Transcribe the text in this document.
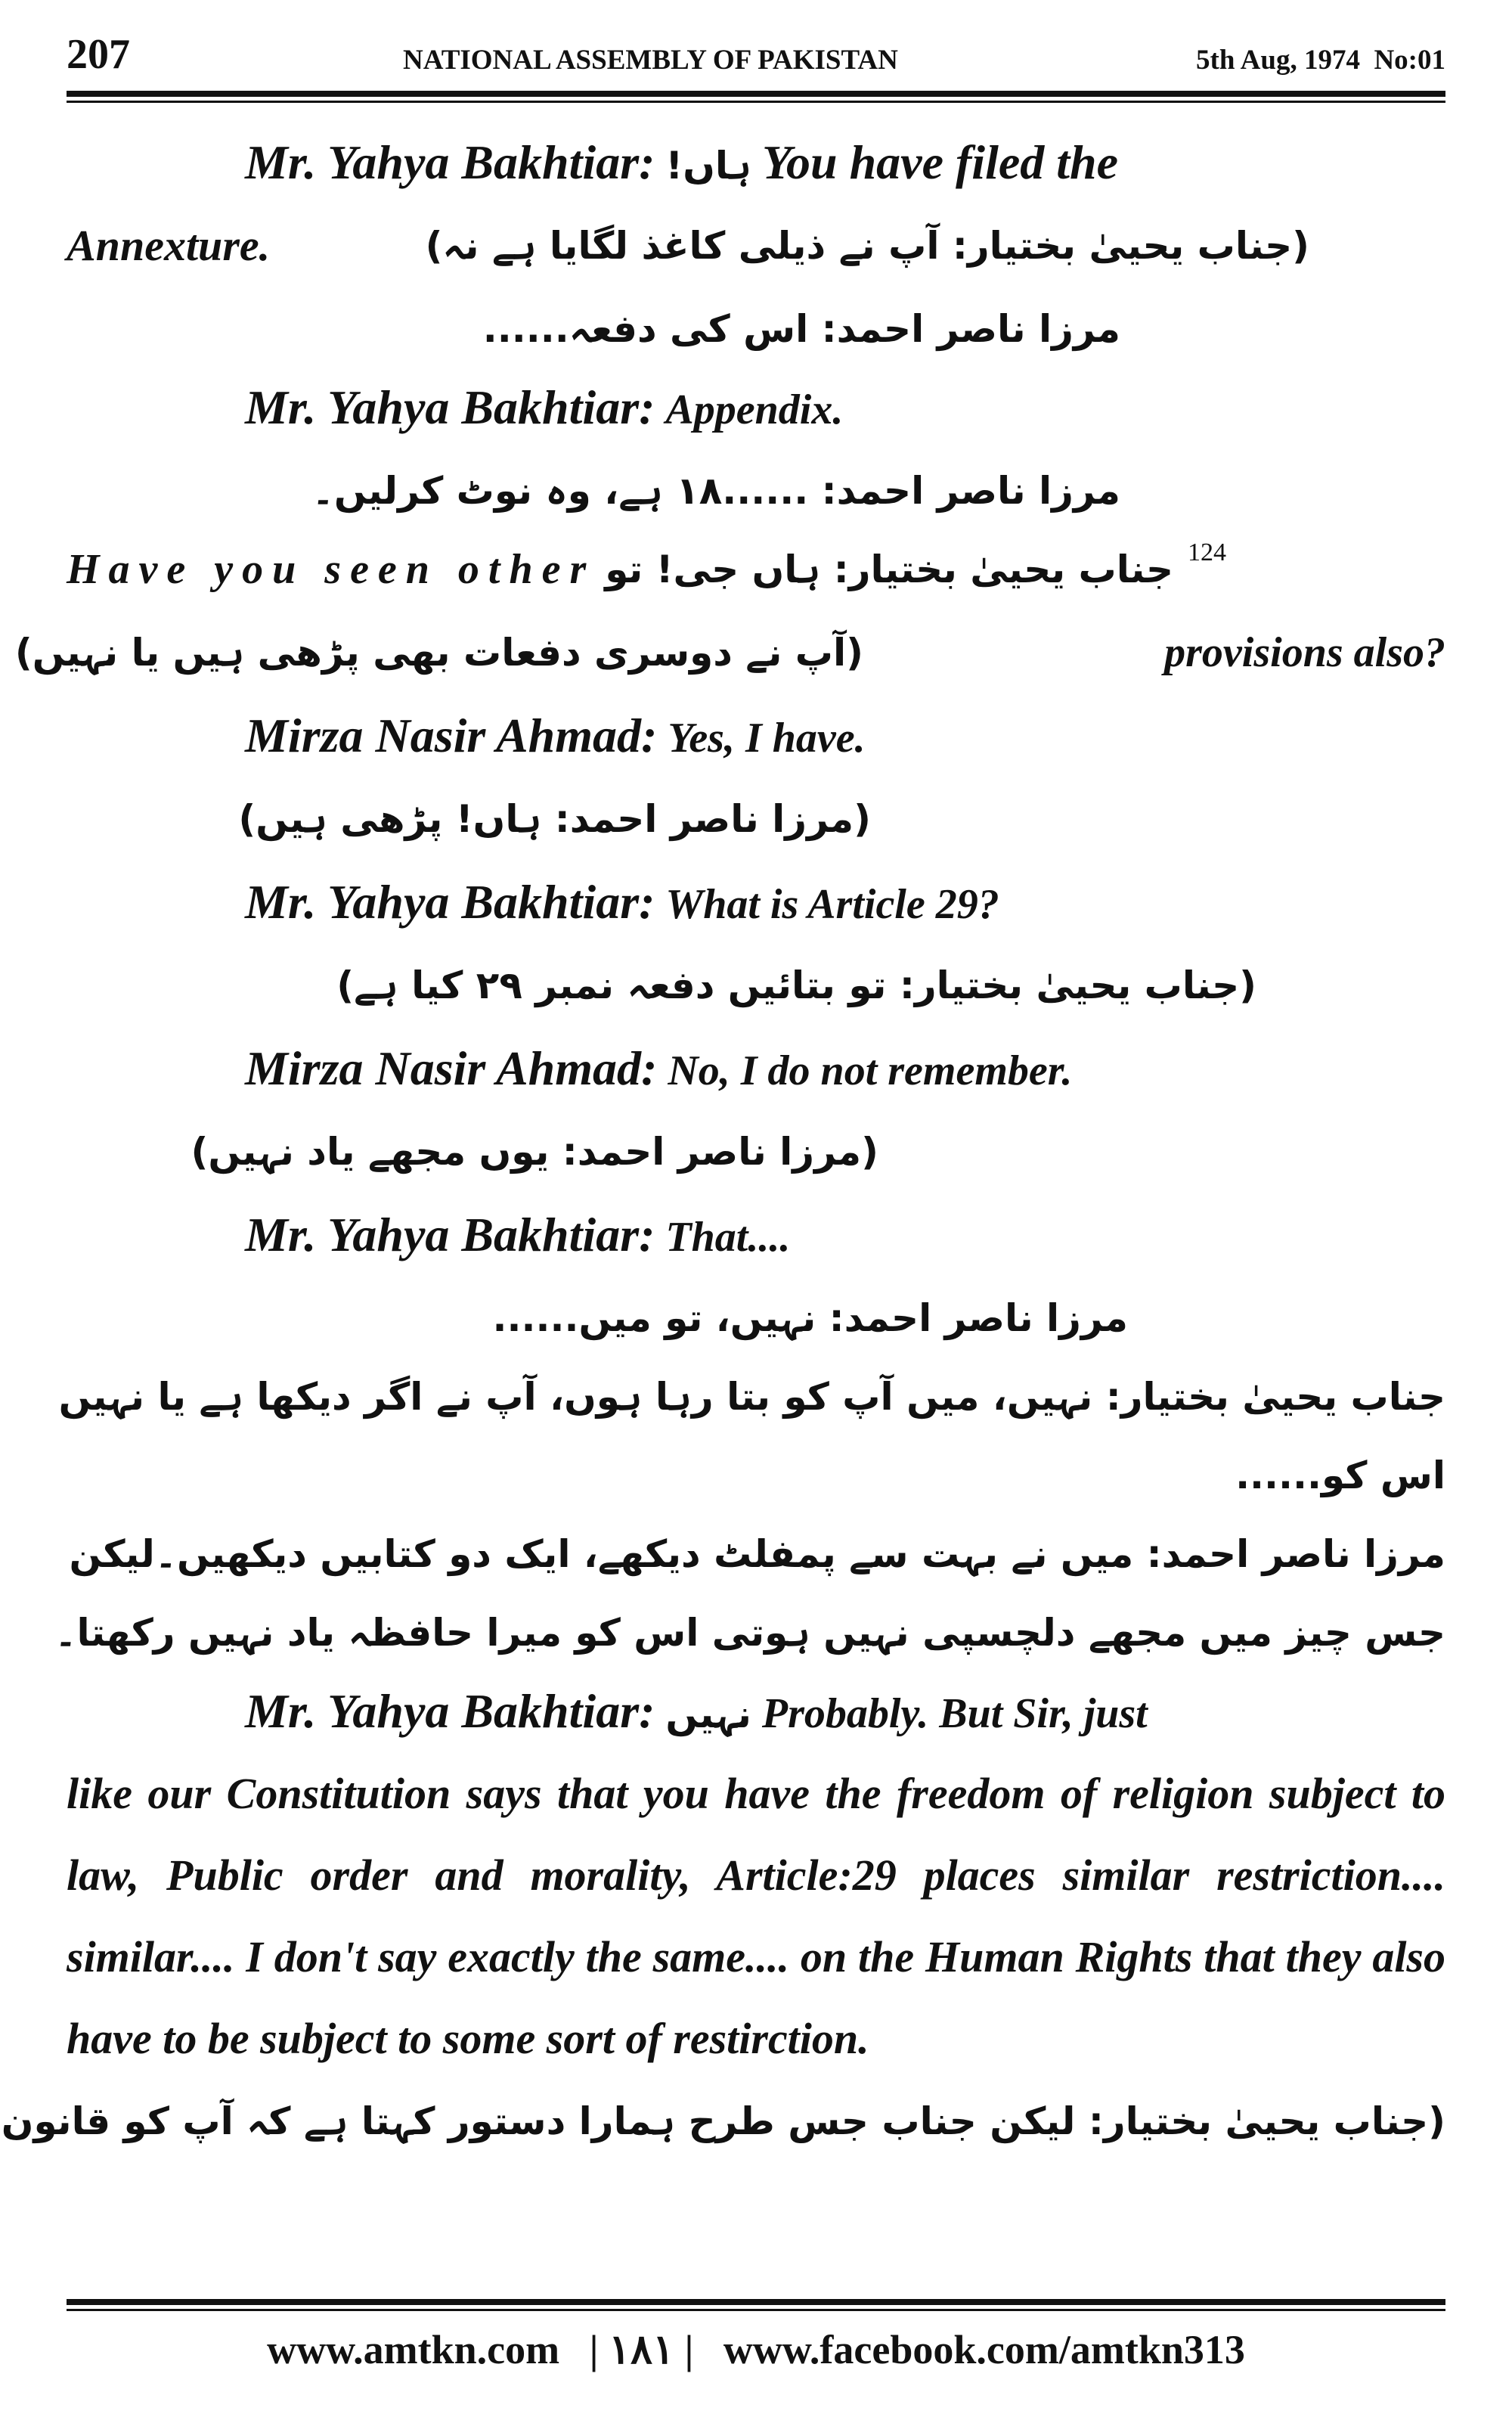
207	NATIONAL ASSEMBLY OF PAKISTAN	5th Aug, 1974 No:01
Mr. Yahya Bakhtiar: ہاں! You have filed the
Annexture.	(جناب یحییٰ بختیار: آپ نے ذیلی کاغذ لگایا ہے نہ)
مرزا ناصر احمد: اس کی دفعہ......
Mr. Yahya Bakhtiar: Appendix.
مرزا ناصر احمد: ......۱۸ ہے، وہ نوٹ کرلیں۔
Have you seen other جناب یحییٰ بختیار: ہاں جی! تو 124
(آپ نے دوسری دفعات بھی پڑھی ہیں یا نہیں)	provisions also?
Mirza Nasir Ahmad: Yes, I have.
(مرزا ناصر احمد: ہاں! پڑھی ہیں)
Mr. Yahya Bakhtiar: What is Article 29?
(جناب یحییٰ بختیار: تو بتائیں دفعہ نمبر ۲۹ کیا ہے)
Mirza Nasir Ahmad: No, I do not remember.
(مرزا ناصر احمد: یوں مجھے یاد نہیں)
Mr. Yahya Bakhtiar: That....
مرزا ناصر احمد: نہیں، تو میں......
جناب یحییٰ بختیار: نہیں، میں آپ کو بتا رہا ہوں، آپ نے اگر دیکھا ہے یا نہیں
اس کو......
مرزا ناصر احمد: میں نے بہت سے پمفلٹ دیکھے، ایک دو کتابیں دیکھیں۔لیکن
جس چیز میں مجھے دلچسپی نہیں ہوتی اس کو میرا حافظہ یاد نہیں رکھتا۔
Mr. Yahya Bakhtiar: نہیں Probably. But Sir, just
like our Constitution says that you have the freedom of religion subject to law, Public order and morality, Article:29 places similar restriction.... similar.... I don't say exactly the same.... on the Human Rights that they also have to be subject to some sort of restirction.
(جناب یحییٰ بختیار: لیکن جناب جس طرح ہمارا دستور کہتا ہے کہ آپ کو قانون
www.amtkn.com | ۱۸۱ | www.facebook.com/amtkn313
